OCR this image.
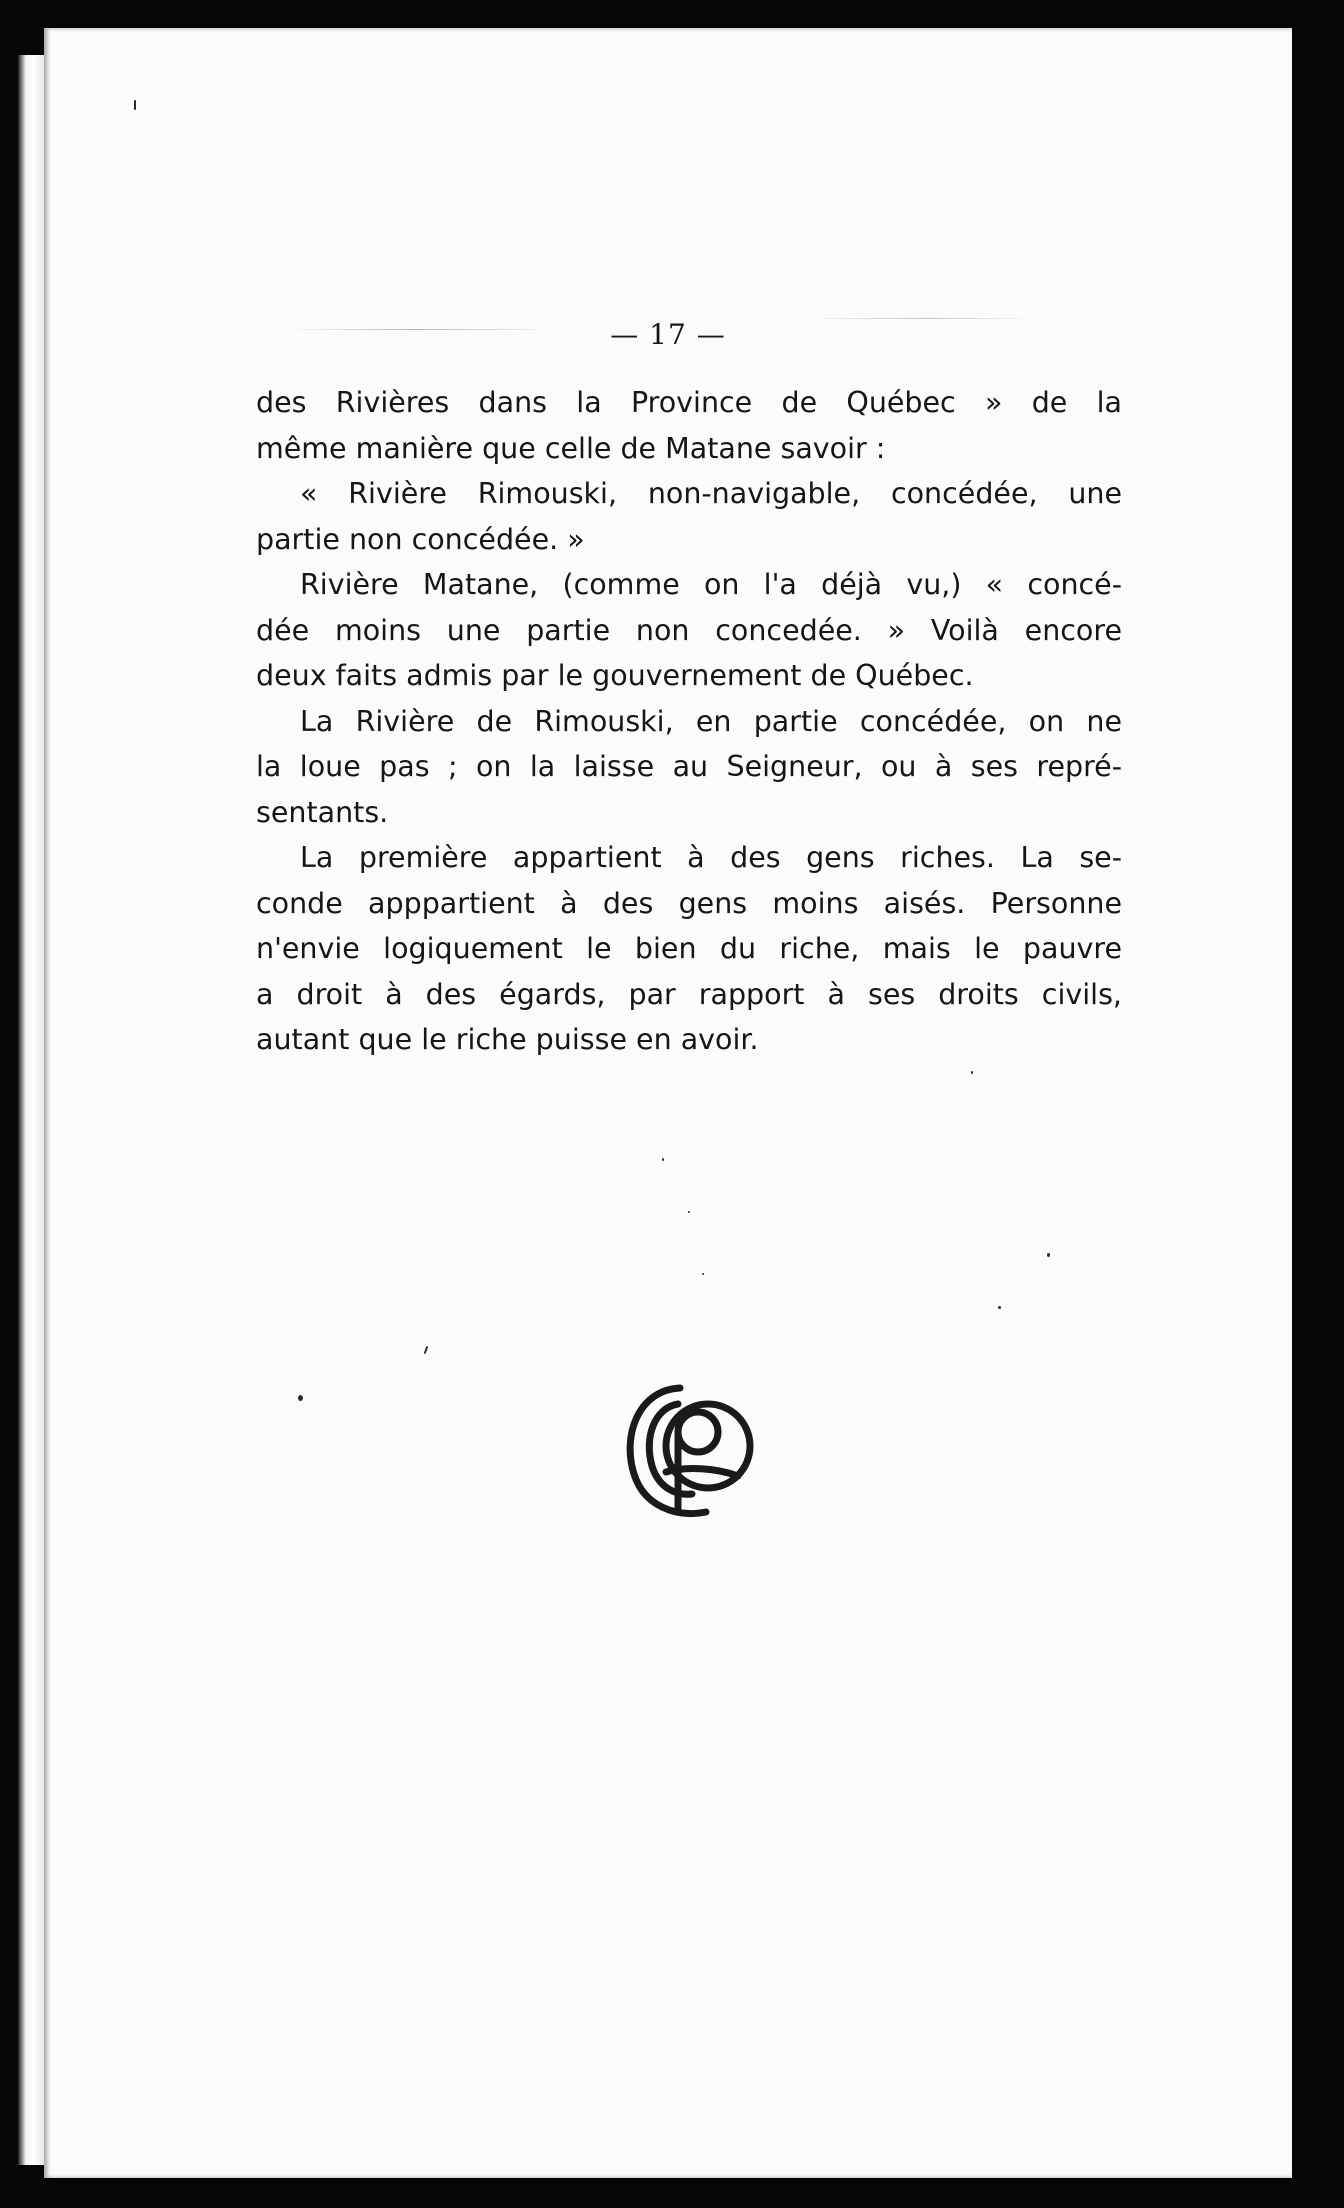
— 17 —
des Rivières dans la Province de Québec » de la
même manière que celle de Matane savoir :
« Rivière Rimouski, non-navigable, concédée, une
partie non concédée. »
Rivière Matane, (comme on l'a déjà vu,) « concé-
dée moins une partie non concedée. » Voilà encore
deux faits admis par le gouvernement de Québec.
La Rivière de Rimouski, en partie concédée, on ne
la loue pas ; on la laisse au Seigneur, ou à ses repré-
sentants.
La première appartient à des gens riches. La se-
conde apppartient à des gens moins aisés. Personne
n'envie logiquement le bien du riche, mais le pauvre
a droit à des égards, par rapport à ses droits civils,
autant que le riche puisse en avoir.
